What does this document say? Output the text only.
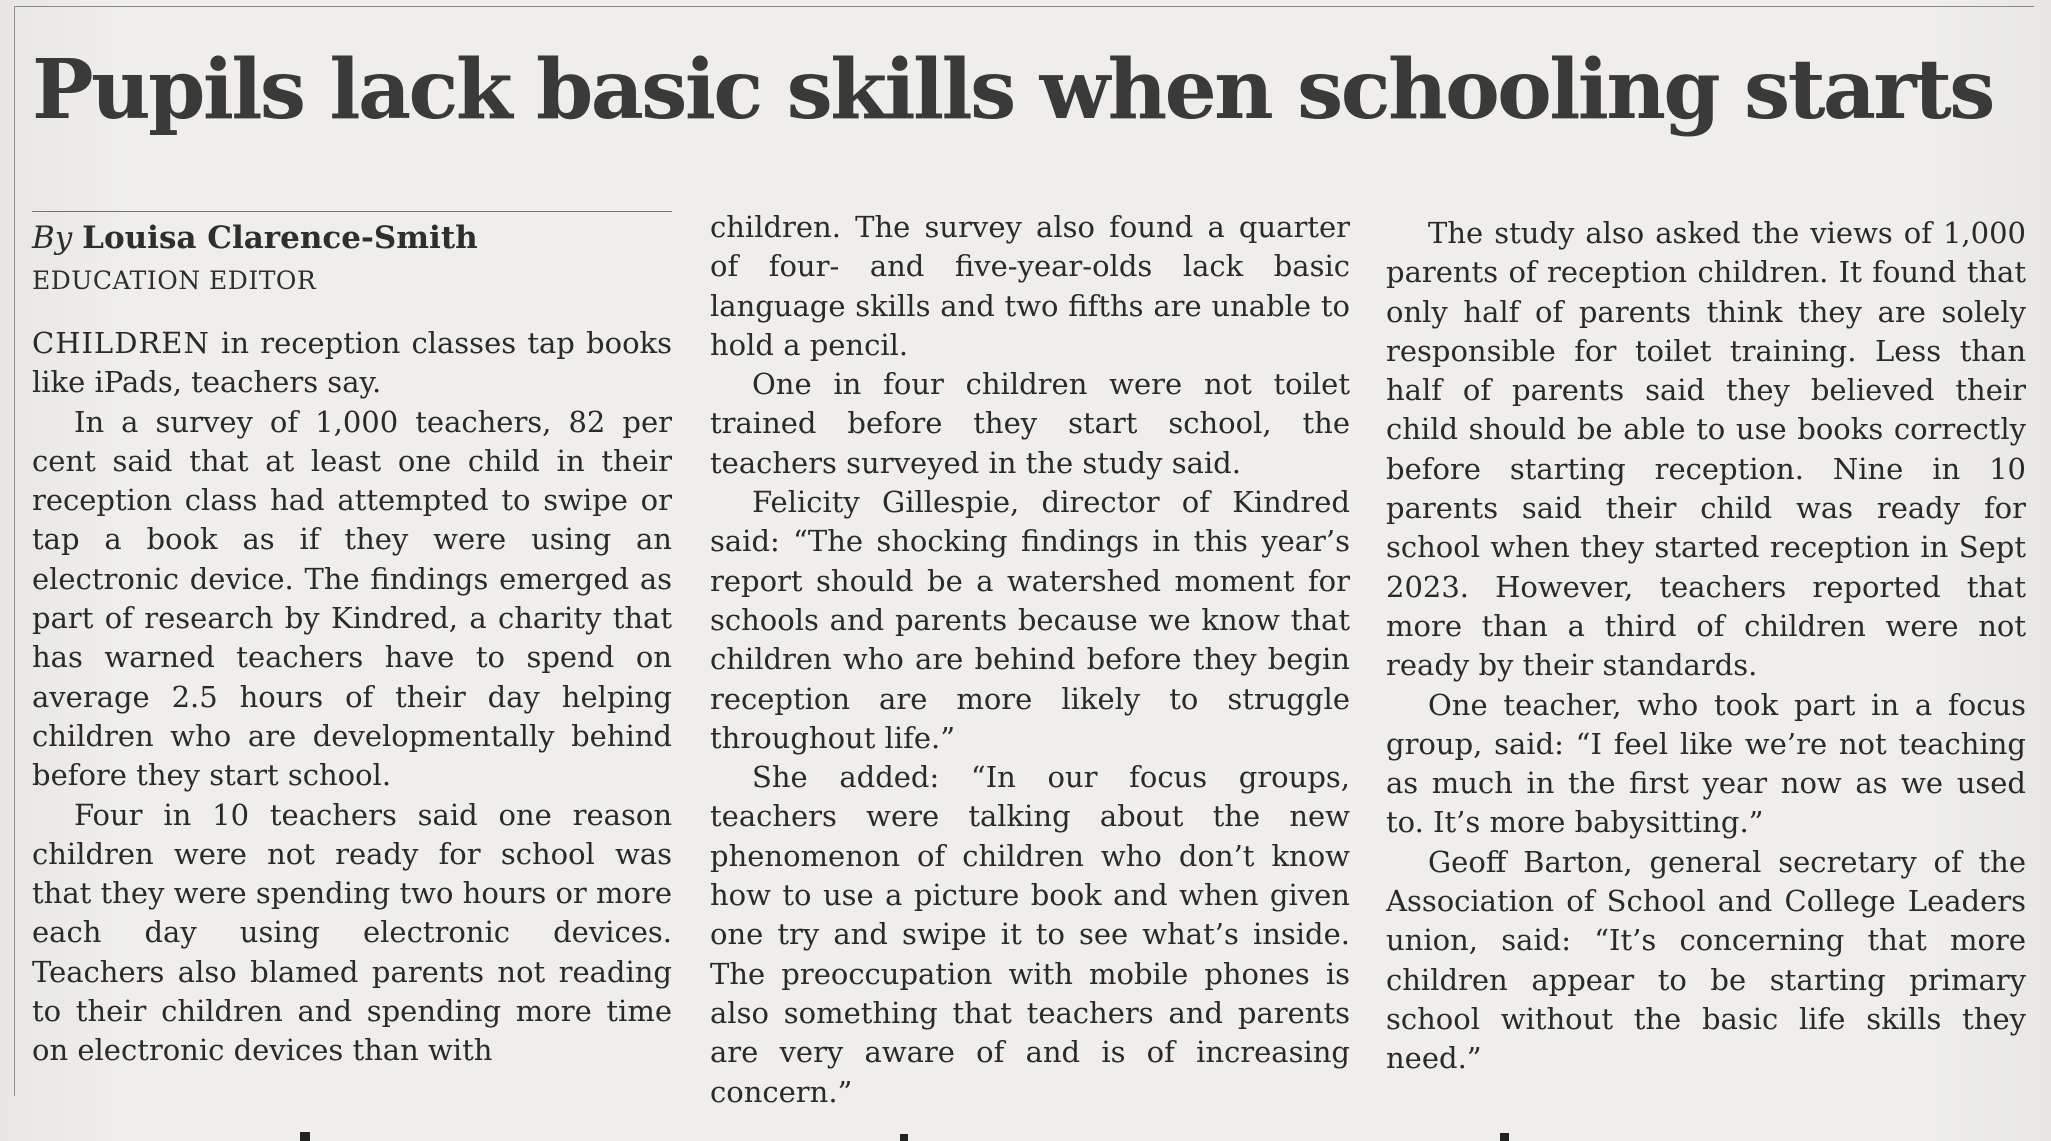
Pupils lack basic skills when schooling starts
By Louisa Clarence-Smith
EDUCATION EDITOR

CHILDREN in reception classes tap books like iPads, teachers say.

In a survey of 1,000 teachers, 82 per cent said that at least one child in their reception class had attempted to swipe or tap a book as if they were using an electronic device. The findings emerged as part of research by Kindred, a charity that has warned teachers have to spend on average 2.5 hours of their day helping children who are developmentally behind before they start school.

Four in 10 teachers said one reason children were not ready for school was that they were spending two hours or more each day using electronic devices. Teachers also blamed parents not reading to their children and spending more time on electronic devices than with

children. The survey also found a quarter of four- and five-year-olds lack basic language skills and two fifths are unable to hold a pencil.

One in four children were not toilet trained before they start school, the teachers surveyed in the study said.

Felicity Gillespie, director of Kindred said: “The shocking findings in this year’s report should be a watershed moment for schools and parents because we know that children who are behind before they begin reception are more likely to struggle throughout life.”

She added: “In our focus groups, teachers were talking about the new phenomenon of children who don’t know how to use a picture book and when given one try and swipe it to see what’s inside. The preoccupation with mobile phones is also something that teachers and parents are very aware of and is of increasing concern.”

The study also asked the views of 1,000 parents of reception children. It found that only half of parents think they are solely responsible for toilet training. Less than half of parents said they believed their child should be able to use books correctly before starting reception. Nine in 10 parents said their child was ready for school when they started reception in Sept 2023. However, teachers reported that more than a third of children were not ready by their standards.

One teacher, who took part in a focus group, said: “I feel like we’re not teaching as much in the first year now as we used to. It’s more babysitting.”

Geoff Barton, general secretary of the Association of School and College Leaders union, said: “It’s concerning that more children appear to be starting primary school without the basic life skills they need.”
